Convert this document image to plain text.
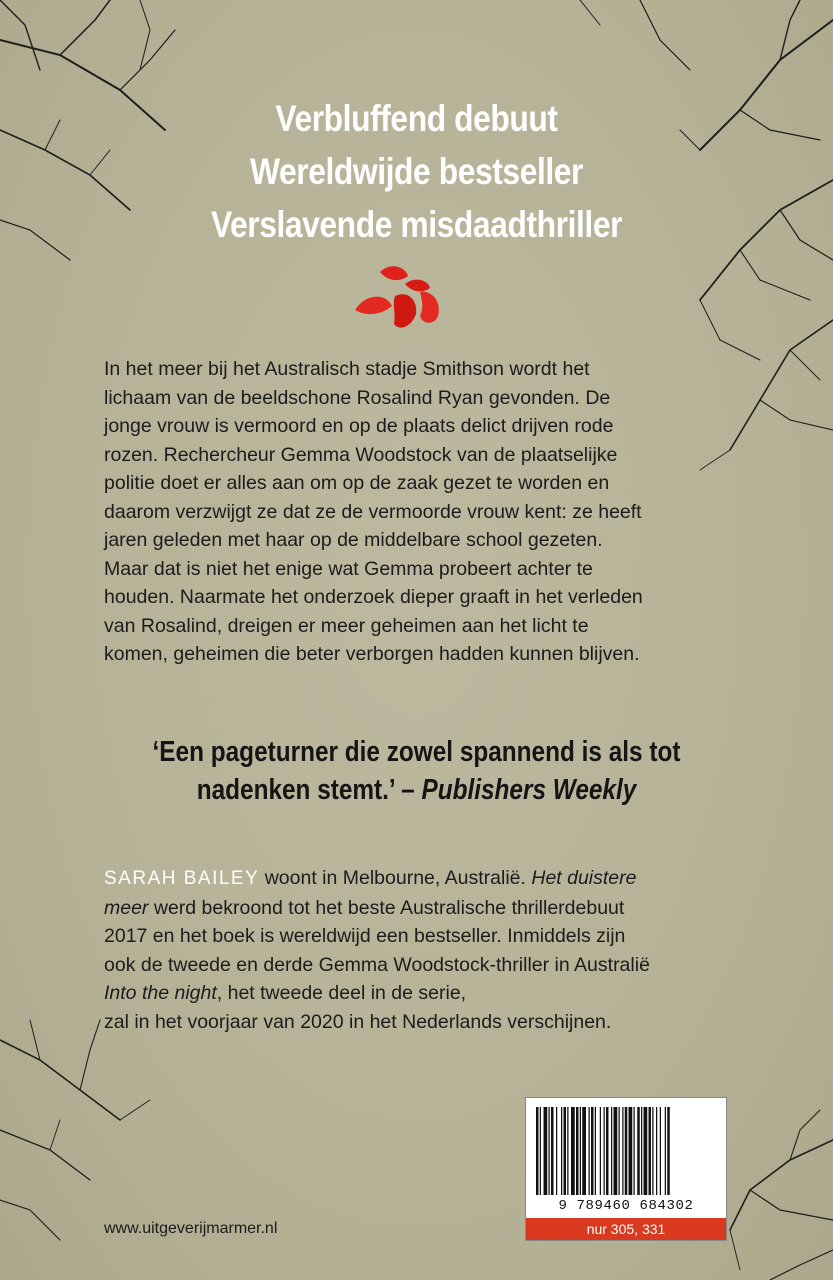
Verbluffend debuut
Wereldwijde bestseller
Verslavende misdaadthriller
In het meer bij het Australisch stadje Smithson wordt het
lichaam van de beeldschone Rosalind Ryan gevonden. De
jonge vrouw is vermoord en op de plaats delict drijven rode
rozen. Rechercheur Gemma Woodstock van de plaatselijke
politie doet er alles aan om op de zaak gezet te worden en
daarom verzwijgt ze dat ze de vermoorde vrouw kent: ze heeft
jaren geleden met haar op de middelbare school gezeten.
Maar dat is niet het enige wat Gemma probeert achter te
houden. Naarmate het onderzoek dieper graaft in het verleden
van Rosalind, dreigen er meer geheimen aan het licht te
komen, geheimen die beter verborgen hadden kunnen blijven.
‘Een pageturner die zowel spannend is als tot
nadenken stemt.’ – Publishers Weekly
SARAH BAILEY woont in Melbourne, Australië. Het duistere
meer werd bekroond tot het beste Australische thrillerdebuut
2017 en het boek is wereldwijd een bestseller. Inmiddels zijn
ook de tweede en derde Gemma Woodstock-thriller in Australië
Into the night, het tweede deel in de serie,
zal in het voorjaar van 2020 in het Nederlands verschijnen.
www.uitgeverijmarmer.nl
9 789460 684302
nur 305, 331
